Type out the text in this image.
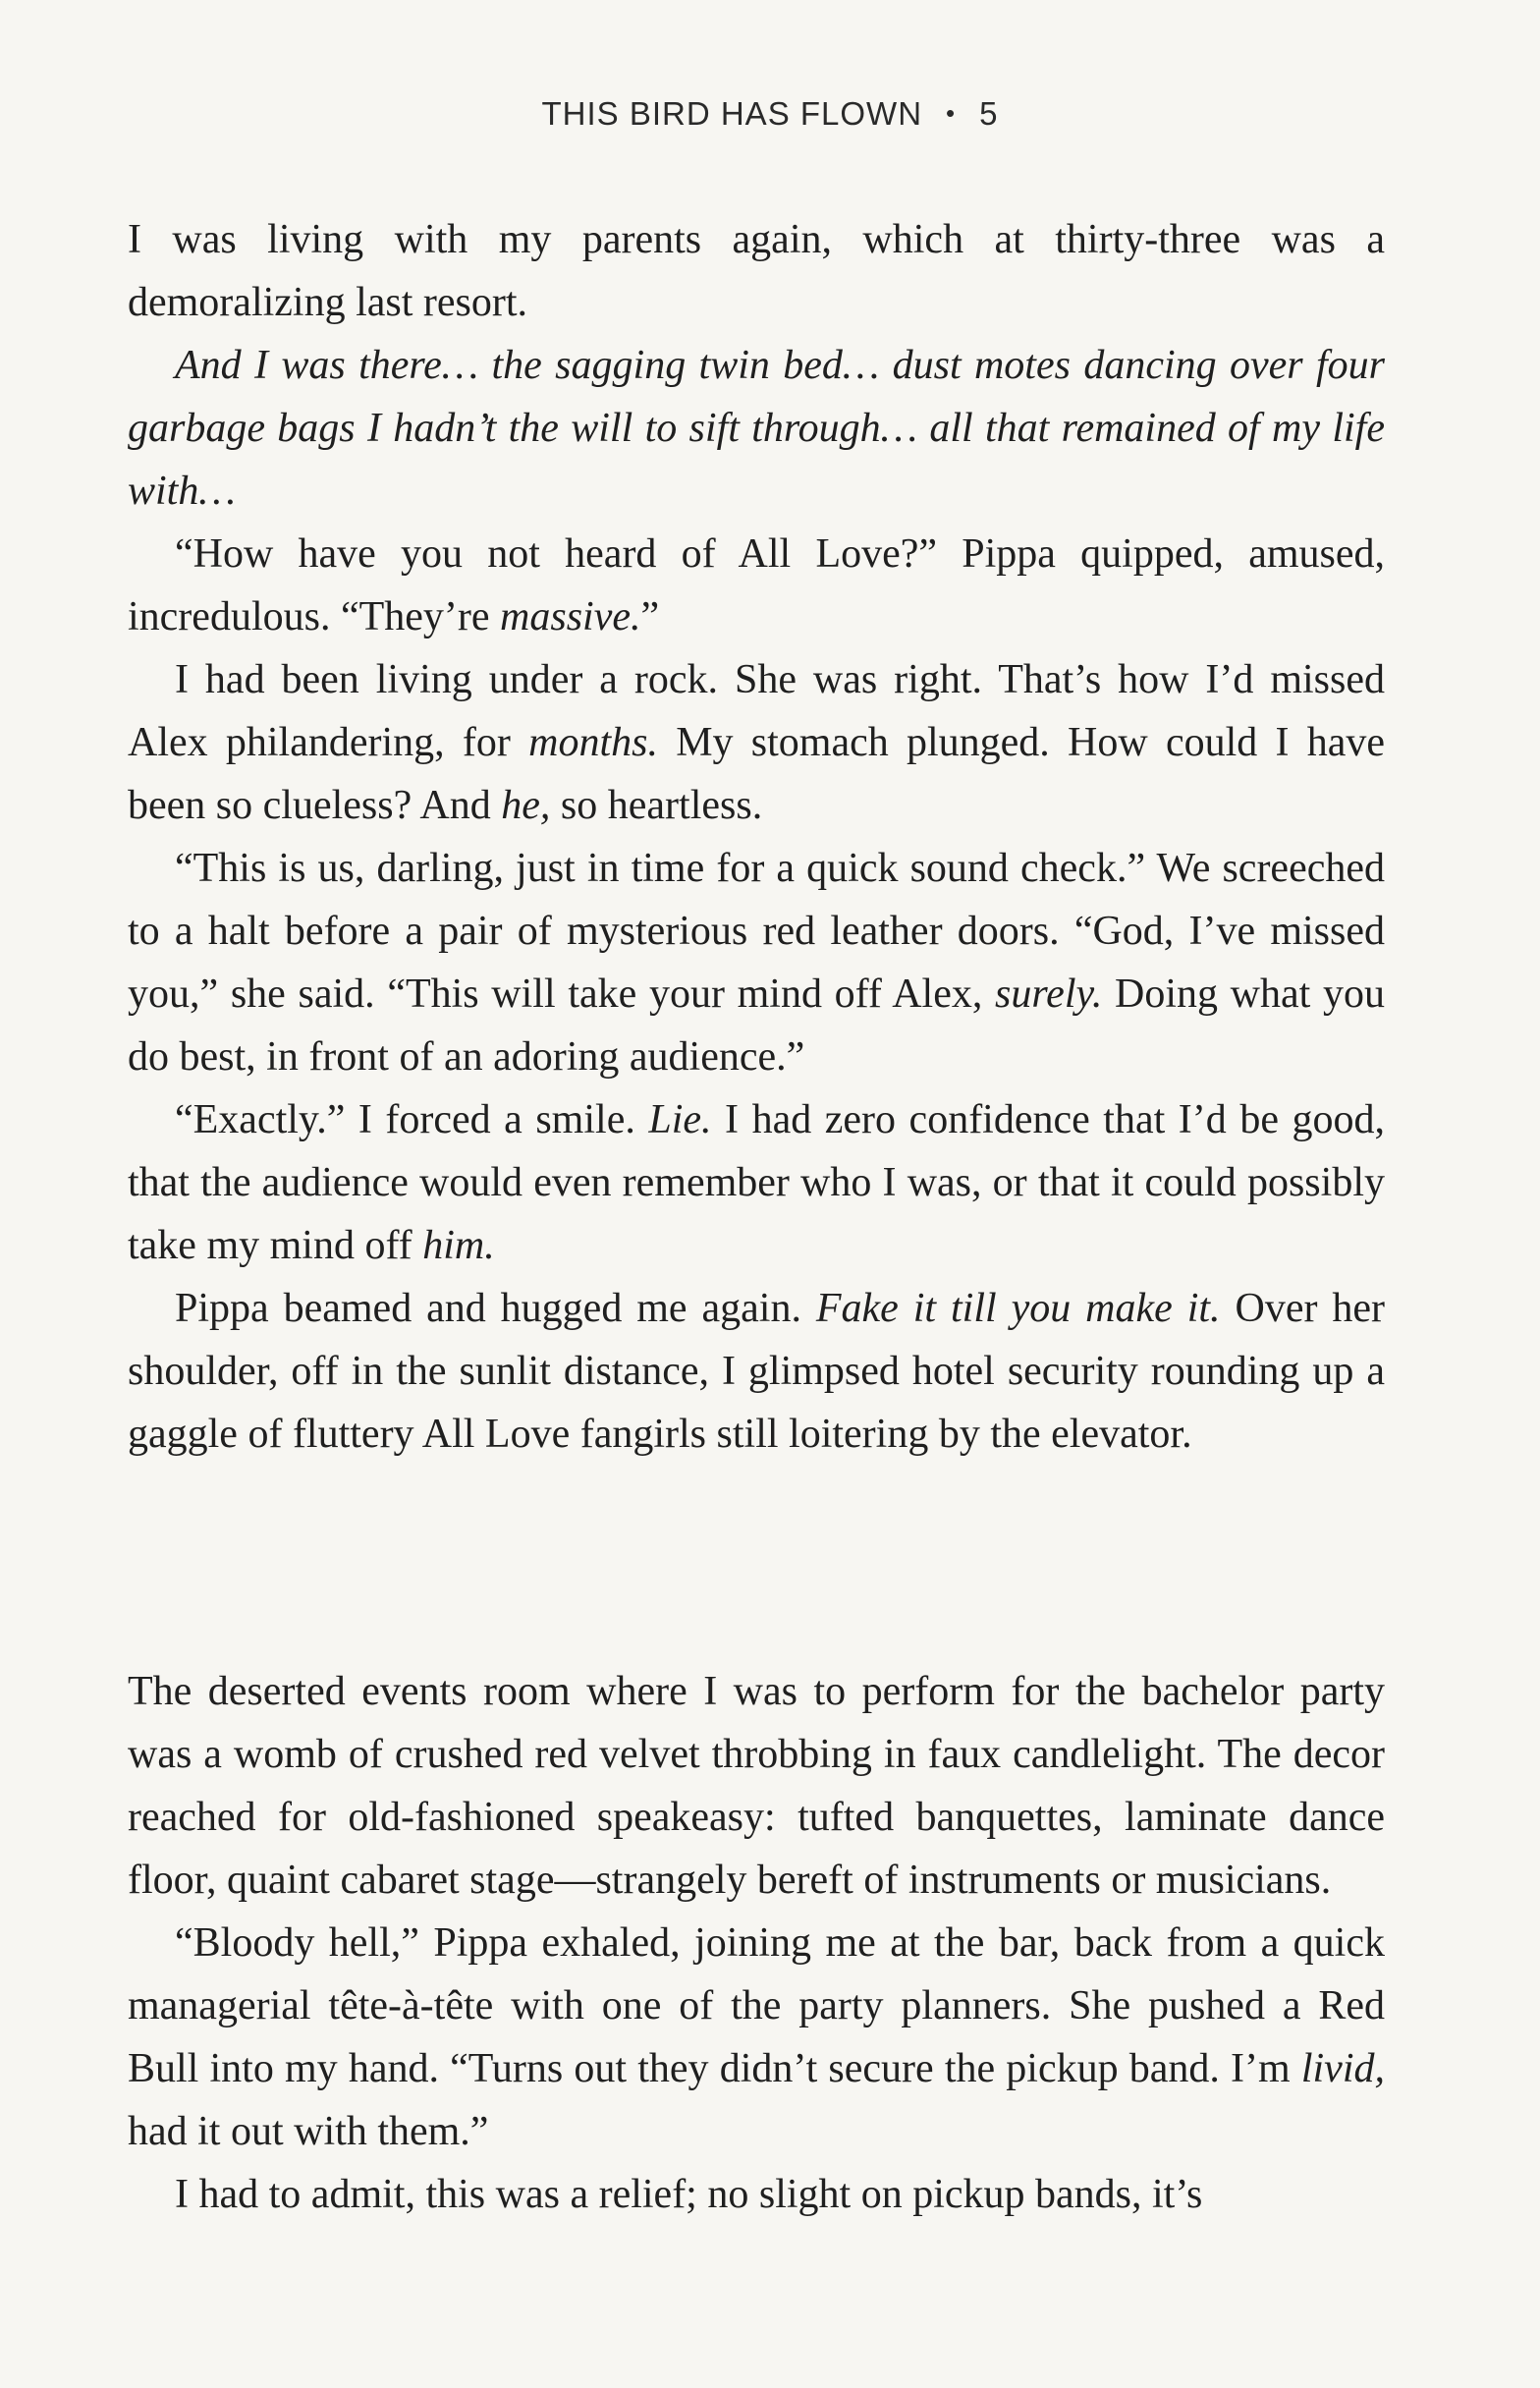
THIS BIRD HAS FLOWN • 5

I was living with my parents again, which at thirty-three was a demoralizing last resort.

And I was there… the sagging twin bed… dust motes dancing over four garbage bags I hadn’t the will to sift through… all that remained of my life with…

“How have you not heard of All Love?” Pippa quipped, amused, incredulous. “They’re massive.”

I had been living under a rock. She was right. That’s how I’d missed Alex philandering, for months. My stomach plunged. How could I have been so clueless? And he, so heartless.

“This is us, darling, just in time for a quick sound check.” We screeched to a halt before a pair of mysterious red leather doors. “God, I’ve missed you,” she said. “This will take your mind off Alex, surely. Doing what you do best, in front of an adoring audience.”

“Exactly.” I forced a smile. Lie. I had zero confidence that I’d be good, that the audience would even remember who I was, or that it could possibly take my mind off him.

Pippa beamed and hugged me again. Fake it till you make it. Over her shoulder, off in the sunlit distance, I glimpsed hotel security rounding up a gaggle of fluttery All Love fangirls still loitering by the elevator.

The deserted events room where I was to perform for the bachelor party was a womb of crushed red velvet throbbing in faux candlelight. The decor reached for old-fashioned speakeasy: tufted banquettes, laminate dance floor, quaint cabaret stage—strangely bereft of instruments or musicians.

“Bloody hell,” Pippa exhaled, joining me at the bar, back from a quick managerial tête-à-tête with one of the party planners. She pushed a Red Bull into my hand. “Turns out they didn’t secure the pickup band. I’m livid, had it out with them.”

I had to admit, this was a relief; no slight on pickup bands, it’s
